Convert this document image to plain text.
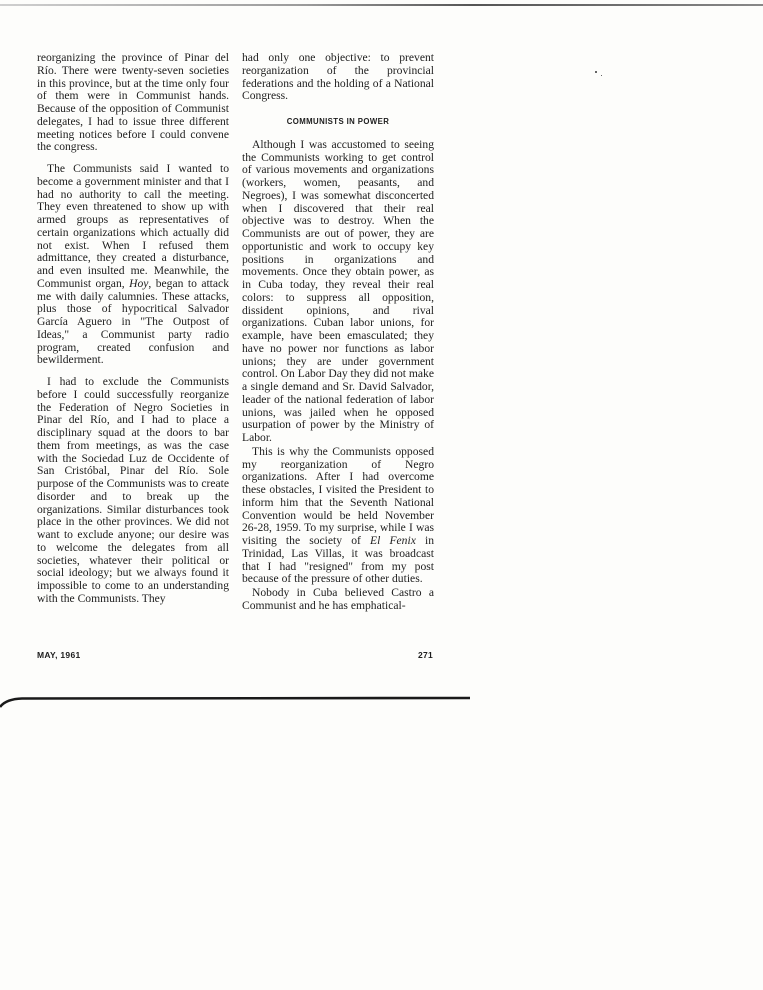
reorganizing the province of Pinar del Río. There were twenty-seven societies in this province, but at the time only four of them were in Communist hands. Because of the opposition of Communist delegates, I had to issue three different meeting notices before I could convene the congress.

The Communists said I wanted to become a government minister and that I had no authority to call the meeting. They even threatened to show up with armed groups as representatives of certain organizations which actually did not exist. When I refused them admittance, they created a disturbance, and even insulted me. Meanwhile, the Communist organ, Hoy, began to attack me with daily calumnies. These attacks, plus those of hypocritical Salvador García Aguero in "The Outpost of Ideas," a Communist party radio program, created confusion and bewilderment.

I had to exclude the Communists before I could successfully reorganize the Federation of Negro Societies in Pinar del Río, and I had to place a disciplinary squad at the doors to bar them from meetings, as was the case with the Sociedad Luz de Occidente of San Cristóbal, Pinar del Río. Sole purpose of the Communists was to create disorder and to break up the organizations. Similar disturbances took place in the other provinces. We did not want to exclude anyone; our desire was to welcome the delegates from all societies, whatever their political or social ideology; but we always found it impossible to come to an understanding with the Communists. They

had only one objective: to prevent reorganization of the provincial federations and the holding of a National Congress.

COMMUNISTS IN POWER

Although I was accustomed to seeing the Communists working to get control of various movements and organizations (workers, women, peasants, and Negroes), I was somewhat disconcerted when I discovered that their real objective was to destroy. When the Communists are out of power, they are opportunistic and work to occupy key positions in organizations and movements. Once they obtain power, as in Cuba today, they reveal their real colors: to suppress all opposition, dissident opinions, and rival organizations. Cuban labor unions, for example, have been emasculated; they have no power nor functions as labor unions; they are under government control. On Labor Day they did not make a single demand and Sr. David Salvador, leader of the national federation of labor unions, was jailed when he opposed usurpation of power by the Ministry of Labor.

This is why the Communists opposed my reorganization of Negro organizations. After I had overcome these obstacles, I visited the President to inform him that the Seventh National Convention would be held November 26-28, 1959. To my surprise, while I was visiting the society of El Fenix in Trinidad, Las Villas, it was broadcast that I had "resigned" from my post because of the pressure of other duties.

Nobody in Cuba believed Castro a Communist and he has emphatical-

MAY, 1961	271
